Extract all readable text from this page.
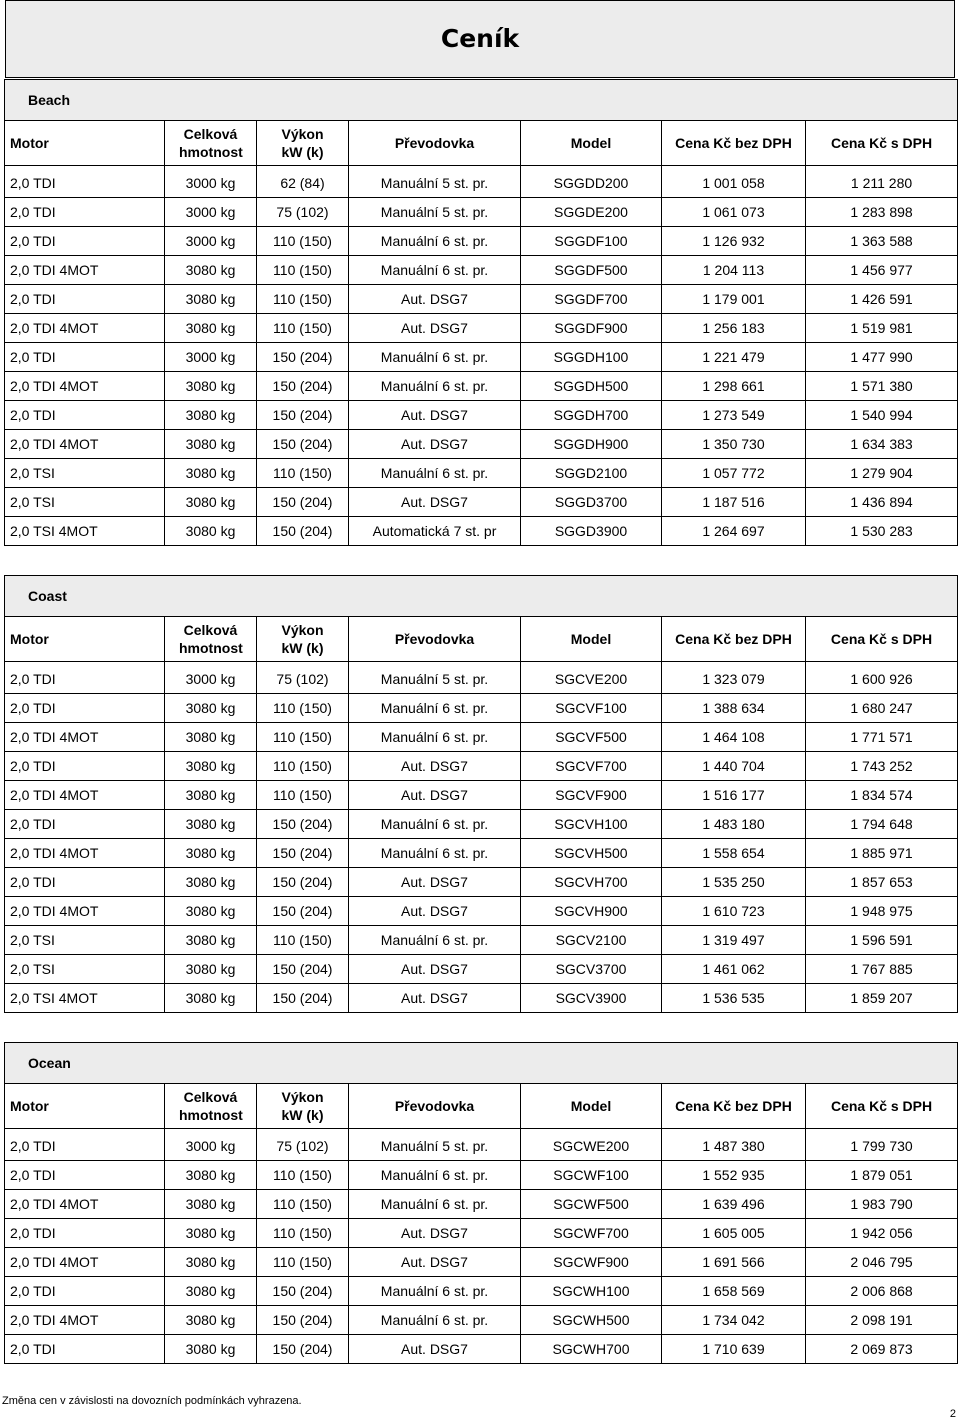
Ceník
Beach						
Motor	Celková hmotnost	Výkon kW (k)	Převodovka	Model	Cena Kč bez DPH	Cena Kč s DPH
2,0 TDI	3000 kg	62 (84)	Manuální 5 st. pr.	SGGDD200	1 001 058	1 211 280
2,0 TDI	3000 kg	75 (102)	Manuální 5 st. pr.	SGGDE200	1 061 073	1 283 898
2,0 TDI	3000 kg	110 (150)	Manuální 6 st. pr.	SGGDF100	1 126 932	1 363 588
2,0 TDI 4MOT	3080 kg	110 (150)	Manuální 6 st. pr.	SGGDF500	1 204 113	1 456 977
2,0 TDI	3080 kg	110 (150)	Aut. DSG7	SGGDF700	1 179 001	1 426 591
2,0 TDI 4MOT	3080 kg	110 (150)	Aut. DSG7	SGGDF900	1 256 183	1 519 981
2,0 TDI	3000 kg	150 (204)	Manuální 6 st. pr.	SGGDH100	1 221 479	1 477 990
2,0 TDI 4MOT	3080 kg	150 (204)	Manuální 6 st. pr.	SGGDH500	1 298 661	1 571 380
2,0 TDI	3080 kg	150 (204)	Aut. DSG7	SGGDH700	1 273 549	1 540 994
2,0 TDI 4MOT	3080 kg	150 (204)	Aut. DSG7	SGGDH900	1 350 730	1 634 383
2,0 TSI	3080 kg	110 (150)	Manuální 6 st. pr.	SGGD2100	1 057 772	1 279 904
2,0 TSI	3080 kg	150 (204)	Aut. DSG7	SGGD3700	1 187 516	1 436 894
2,0 TSI 4MOT	3080 kg	150 (204)	Automatická 7 st. pr	SGGD3900	1 264 697	1 530 283
Coast						
Motor	Celková hmotnost	Výkon kW (k)	Převodovka	Model	Cena Kč bez DPH	Cena Kč s DPH
2,0 TDI	3000 kg	75 (102)	Manuální 5 st. pr.	SGCVE200	1 323 079	1 600 926
2,0 TDI	3080 kg	110 (150)	Manuální 6 st. pr.	SGCVF100	1 388 634	1 680 247
2,0 TDI 4MOT	3080 kg	110 (150)	Manuální 6 st. pr.	SGCVF500	1 464 108	1 771 571
2,0 TDI	3080 kg	110 (150)	Aut. DSG7	SGCVF700	1 440 704	1 743 252
2,0 TDI 4MOT	3080 kg	110 (150)	Aut. DSG7	SGCVF900	1 516 177	1 834 574
2,0 TDI	3080 kg	150 (204)	Manuální 6 st. pr.	SGCVH100	1 483 180	1 794 648
2,0 TDI 4MOT	3080 kg	150 (204)	Manuální 6 st. pr.	SGCVH500	1 558 654	1 885 971
2,0 TDI	3080 kg	150 (204)	Aut. DSG7	SGCVH700	1 535 250	1 857 653
2,0 TDI 4MOT	3080 kg	150 (204)	Aut. DSG7	SGCVH900	1 610 723	1 948 975
2,0 TSI	3080 kg	110 (150)	Manuální 6 st. pr.	SGCV2100	1 319 497	1 596 591
2,0 TSI	3080 kg	150 (204)	Aut. DSG7	SGCV3700	1 461 062	1 767 885
2,0 TSI 4MOT	3080 kg	150 (204)	Aut. DSG7	SGCV3900	1 536 535	1 859 207
Ocean						
Motor	Celková hmotnost	Výkon kW (k)	Převodovka	Model	Cena Kč bez DPH	Cena Kč s DPH
2,0 TDI	3000 kg	75 (102)	Manuální 5 st. pr.	SGCWE200	1 487 380	1 799 730
2,0 TDI	3080 kg	110 (150)	Manuální 6 st. pr.	SGCWF100	1 552 935	1 879 051
2,0 TDI 4MOT	3080 kg	110 (150)	Manuální 6 st. pr.	SGCWF500	1 639 496	1 983 790
2,0 TDI	3080 kg	110 (150)	Aut. DSG7	SGCWF700	1 605 005	1 942 056
2,0 TDI 4MOT	3080 kg	110 (150)	Aut. DSG7	SGCWF900	1 691 566	2 046 795
2,0 TDI	3080 kg	150 (204)	Manuální 6 st. pr.	SGCWH100	1 658 569	2 006 868
2,0 TDI 4MOT	3080 kg	150 (204)	Manuální 6 st. pr.	SGCWH500	1 734 042	2 098 191
2,0 TDI	3080 kg	150 (204)	Aut. DSG7	SGCWH700	1 710 639	2 069 873
Změna cen v závislosti na dovozních podmínkách vyhrazena.
2
